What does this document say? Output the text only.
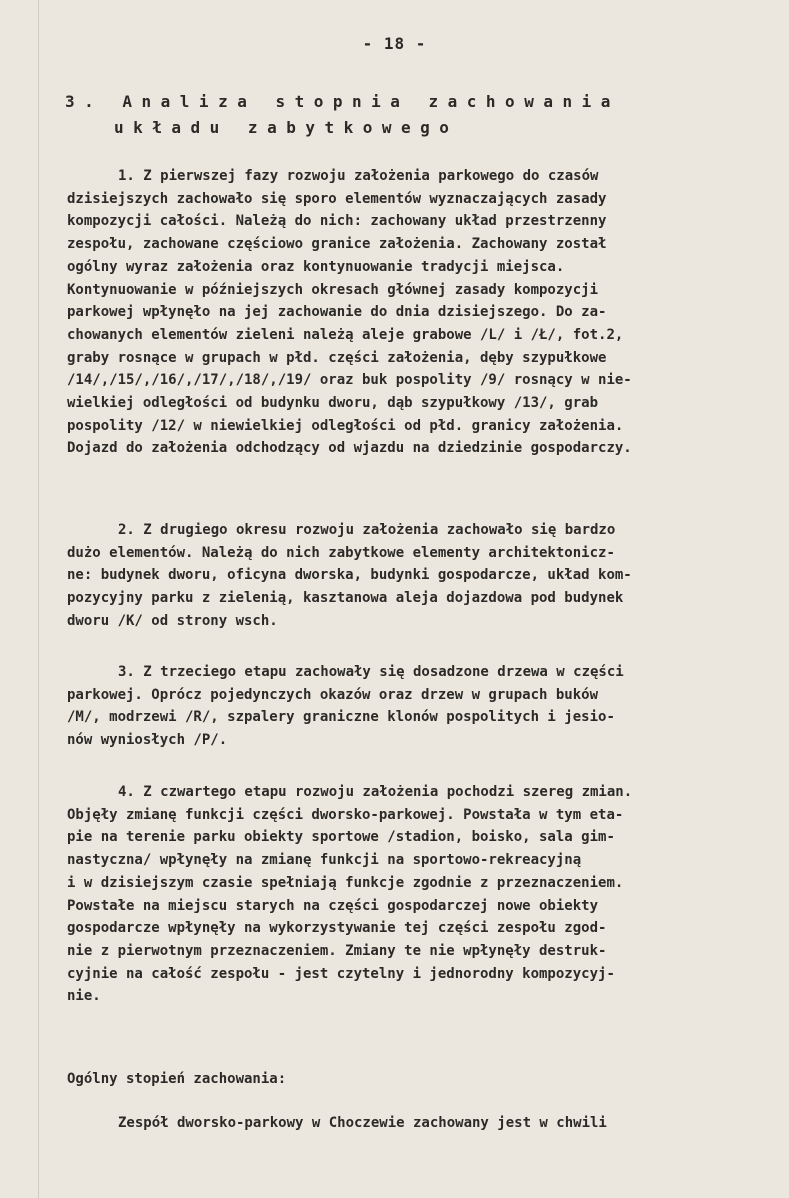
- 18 -
3. Analiza stopnia zachowania
układu zabytkowego
1. Z pierwszej fazy rozwoju założenia parkowego do czasów
dzisiejszych zachowało się sporo elementów wyznaczających zasady
kompozycji całości. Należą do nich: zachowany układ przestrzenny
zespołu, zachowane częściowo granice założenia. Zachowany został
ogólny wyraz założenia oraz kontynuowanie tradycji miejsca.
Kontynuowanie w późniejszych okresach głównej zasady kompozycji
parkowej wpłynęło na jej zachowanie do dnia dzisiejszego. Do za-
chowanych elementów zieleni należą aleje grabowe /L/ i /Ł/, fot.2,
graby rosnące w grupach w płd. części założenia, dęby szypułkowe
/14/,/15/,/16/,/17/,/18/,/19/ oraz buk pospolity /9/ rosnący w nie-
wielkiej odległości od budynku dworu, dąb szypułkowy /13/, grab
pospolity /12/ w niewielkiej odległości od płd. granicy założenia.
Dojazd do założenia odchodzący od wjazdu na dziedzinie gospodarczy.
2. Z drugiego okresu rozwoju założenia zachowało się bardzo
dużo elementów. Należą do nich zabytkowe elementy architektonicz-
ne: budynek dworu, oficyna dworska, budynki gospodarcze, układ kom-
pozycyjny parku z zielenią, kasztanowa aleja dojazdowa pod budynek
dworu /K/ od strony wsch.
3. Z trzeciego etapu zachowały się dosadzone drzewa w części
parkowej. Oprócz pojedynczych okazów oraz drzew w grupach buków
/M/, modrzewi /R/, szpalery graniczne klonów pospolitych i jesio-
nów wyniosłych /P/.
4. Z czwartego etapu rozwoju założenia pochodzi szereg zmian.
Objęły zmianę funkcji części dworsko-parkowej. Powstała w tym eta-
pie na terenie parku obiekty sportowe /stadion, boisko, sala gim-
nastyczna/ wpłynęły na zmianę funkcji na sportowo-rekreacyjną
i w dzisiejszym czasie spełniają funkcje zgodnie z przeznaczeniem.
Powstałe na miejscu starych na części gospodarczej nowe obiekty
gospodarcze wpłynęły na wykorzystywanie tej części zespołu zgod-
nie z pierwotnym przeznaczeniem. Zmiany te nie wpłynęły destruk-
cyjnie na całość zespołu - jest czytelny i jednorodny kompozycyj-
nie.
Ogólny stopień zachowania:
Zespół dworsko-parkowy w Choczewie zachowany jest w chwili
